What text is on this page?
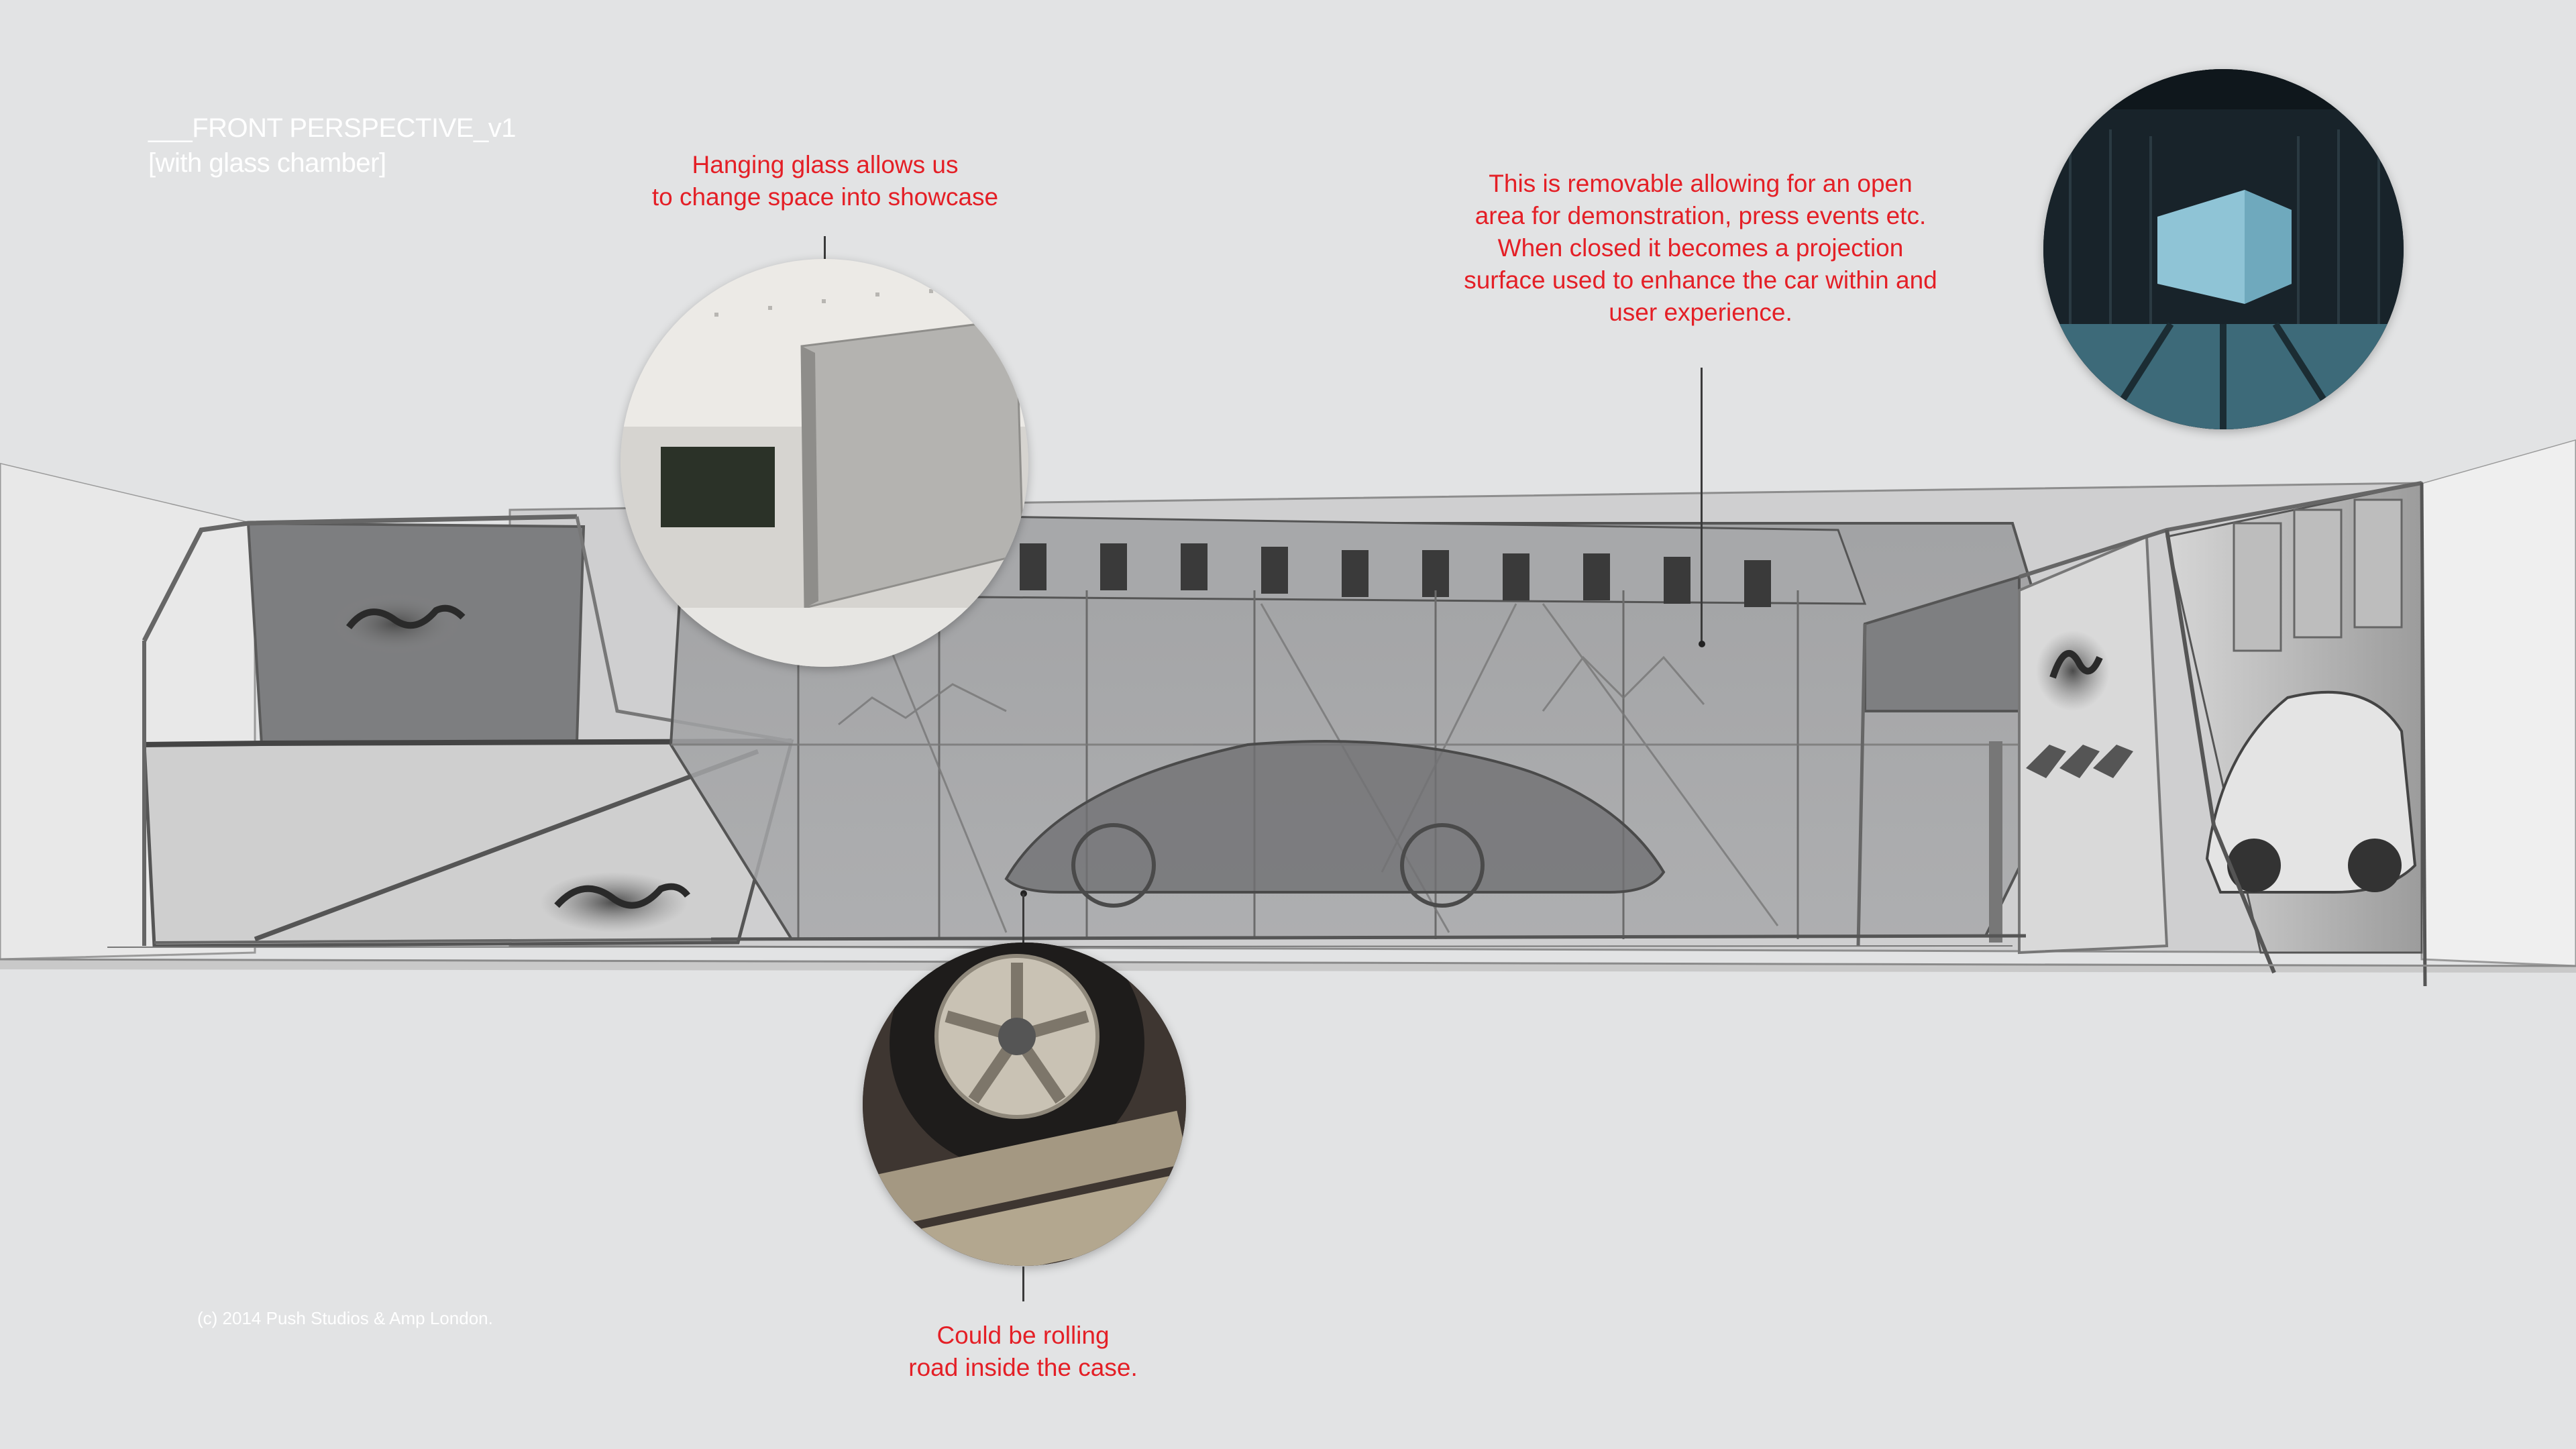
___FRONT PERSPECTIVE_v1
[with glass chamber]	Hanging glass allows us
to change space into showcase	This is removable allowing for an open
area for demonstration, press events etc.
When closed it becomes a projection
surface used to enhance the car within and
user experience.
Could be rolling
road inside the case.
(c) 2014 Push Studios & Amp London.
